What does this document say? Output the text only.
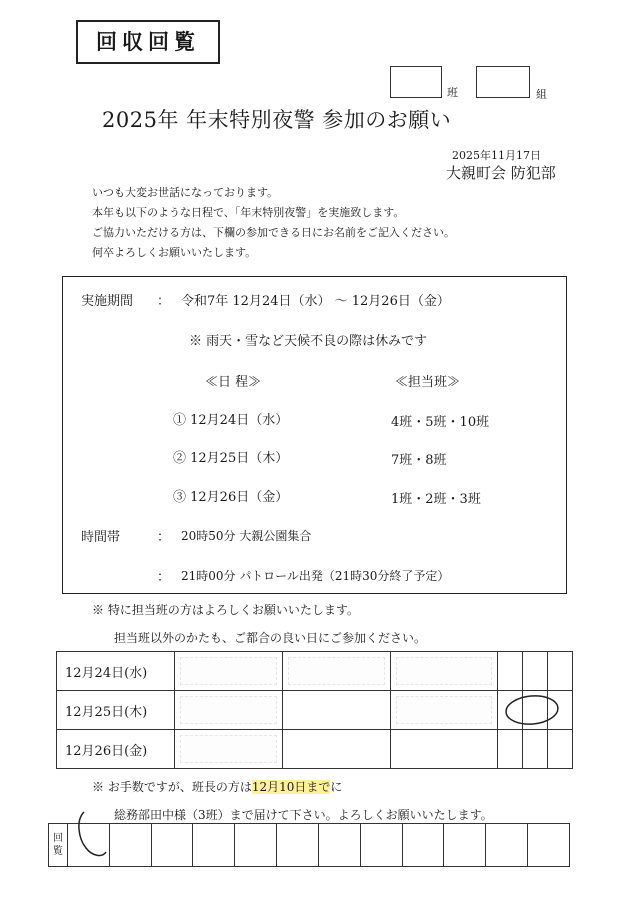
回収回覧
班	組
2025年 年末特別夜警 参加のお願い
2025年11月17日
大親町会 防犯部
いつも大変お世話になっております。
本年も以下のような日程で、「年末特別夜警」を実施致します。
ご協力いただける方は、下欄の参加できる日にお名前をご記入ください。
何卒よろしくお願いいたします。
実施期間 ： 令和7年 12月24日（水） ～ 12月26日（金）
※ 雨天・雪など天候不良の際は休みです
≪日 程≫	≪担当班≫
① 12月24日（水）	4班・5班・10班
② 12月25日（木）	7班・8班
③ 12月26日（金）	1班・2班・3班
時間帯	： 20時50分 大親公園集合
： 21時00分 パトロール出発（21時30分終了予定）
※ 特に担当班の方はよろしくお願いいたします。
担当班以外のかたも、ご都合の良い日にご参加ください。
12月24日(水)	

12月25日(木)	

12月26日(金)	

※ お手数ですが、班長の方は12月10日までに
総務部田中様（3班）まで届けて下さい。よろしくお願いいたします。
回
覧
